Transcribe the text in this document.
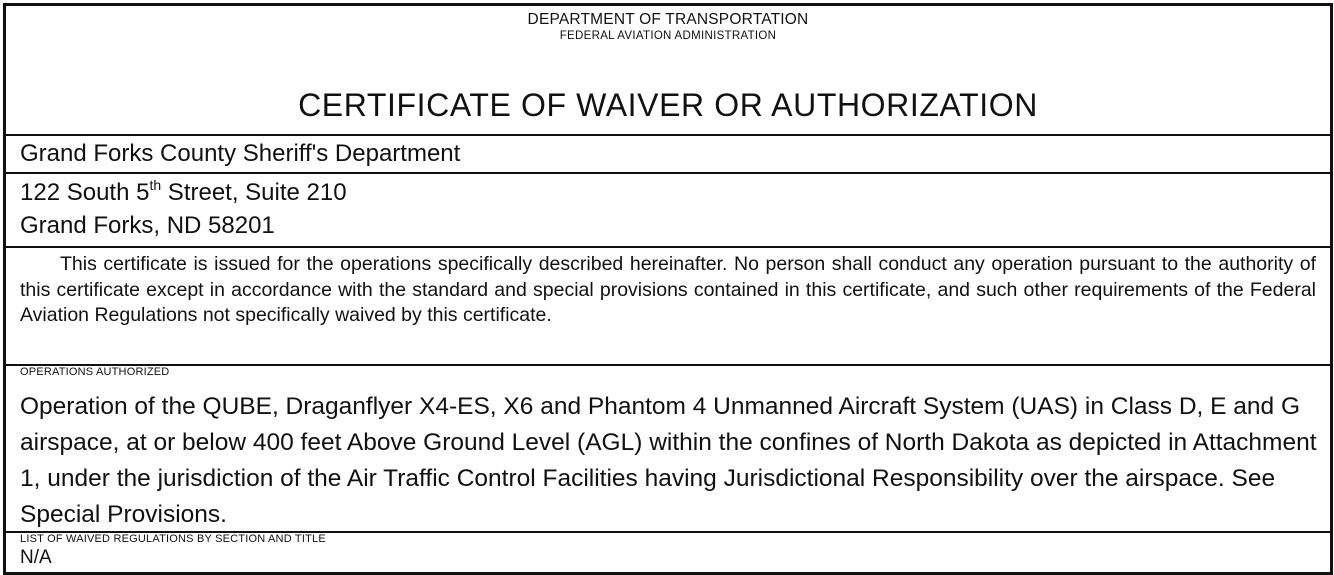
DEPARTMENT OF TRANSPORTATION
FEDERAL AVIATION ADMINISTRATION
CERTIFICATE OF WAIVER OR AUTHORIZATION
Grand Forks County Sheriff's Department
122 South 5th Street, Suite 210
Grand Forks, ND 58201
This certificate is issued for the operations specifically described hereinafter. No person shall conduct any operation pursuant to the authority of this certificate except in accordance with the standard and special provisions contained in this certificate, and such other requirements of the Federal Aviation Regulations not specifically waived by this certificate.
OPERATIONS AUTHORIZED
Operation of the QUBE, Draganflyer X4-ES, X6 and Phantom 4 Unmanned Aircraft System (UAS) in Class D, E and G airspace, at or below 400 feet Above Ground Level (AGL) within the confines of North Dakota as depicted in Attachment 1, under the jurisdiction of the Air Traffic Control Facilities having Jurisdictional Responsibility over the airspace. See Special Provisions.
LIST OF WAIVED REGULATIONS BY SECTION AND TITLE
N/A
